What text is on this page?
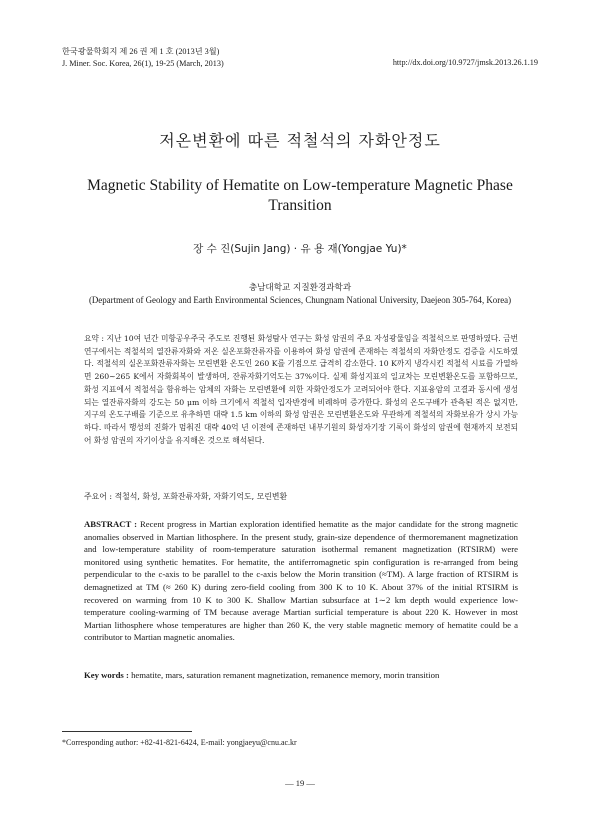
한국광물학회지 제 26 권 제 1 호 (2013년 3월)
J. Miner. Soc. Korea, 26(1), 19-25 (March, 2013)	http://dx.doi.org/10.9727/jmsk.2013.26.1.19
저온변환에 따른 적철석의 자화안정도
Magnetic Stability of Hematite on Low-temperature Magnetic Phase Transition
장 수 진(Sujin Jang) · 유 용 재(Yongjae Yu)*
충남대학교 지질환경과학과
(Department of Geology and Earth Environmental Sciences, Chungnam National University, Daejeon 305-764, Korea)

요약 : 지난 10여 년간 미항공우주국 주도로 진행된 화성탐사 연구는 화성 암권의 주요 자성광물임을 적철석으로 판명하였다. 금번 연구에서는 적철석의 열잔류자화와 저온 실온포화잔류자를 이용하여 화성 암권에 존재하는 적철석의 자화안정도 검증을 시도하였다. 적철석의 실온포화잔류자화는 모린변환 온도인 260 K를 기점으로 급격히 감소한다. 10 K까지 냉각시킨 적철석 시료를 가열하면 260∼265 K에서 자화회복이 발생하며, 잔류자화기억도는 37%이다. 실제 화성지표의 일교차는 모린변환온도를 포함하므로, 화성 지표에서 적철석을 함유하는 암체의 자화는 모린변환에 의한 자화안정도가 고려되어야 한다. 지표융암의 고결과 동시에 생성되는 열잔류자화의 강도는 50 μm 이하 크기에서 적철석 입자반경에 비례하며 증가한다. 화성의 온도구배가 관측된 적은 없지만, 지구의 온도구배를 기준으로 유추하면 대략 1.5 km 이하의 화성 암권은 모린변환온도와 무관하게 적철석의 자화보유가 상시 가능하다. 따라서 행성의 진화가 멈춰진 대략 40억 년 이전에 존재하던 내부기원의 화성자기장 기록이 화성의 암권에 현재까지 보전되어 화성 암권의 자기이상을 유지해온 것으로 해석된다.

주요어 : 적철석, 화성, 포화잔류자화, 자화기억도, 모린변환

ABSTRACT : Recent progress in Martian exploration identified hematite as the major candidate for the strong magnetic anomalies observed in Martian lithosphere. In the present study, grain-size dependence of thermoremanent magnetization and low-temperature stability of room-temperature saturation isothermal remanent magnetization (RTSIRM) were monitored using synthetic hematites. For hematite, the antiferromagnetic spin configuration is re-arranged from being perpendicular to the c-axis to be parallel to the c-axis below the Morin transition (≈TM). A large fraction of RTSIRM is demagnetized at TM (≈ 260 K) during zero-field cooling from 300 K to 10 K. About 37% of the initial RTSIRM is recovered on warming from 10 K to 300 K. Shallow Martian subsurface at 1∼2 km depth would experience low-temperature cooling-warming of TM because average Martian surficial temperature is about 220 K. However in most Martian lithosphere whose temperatures are higher than 260 K, the very stable magnetic memory of hematite could be a contributor to Martian magnetic anomalies.

Key words : hematite, mars, saturation remanent magnetization, remanence memory, morin transition

*Corresponding author: +82-41-821-6424, E-mail: yongjaeyu@cnu.ac.kr
— 19 —
